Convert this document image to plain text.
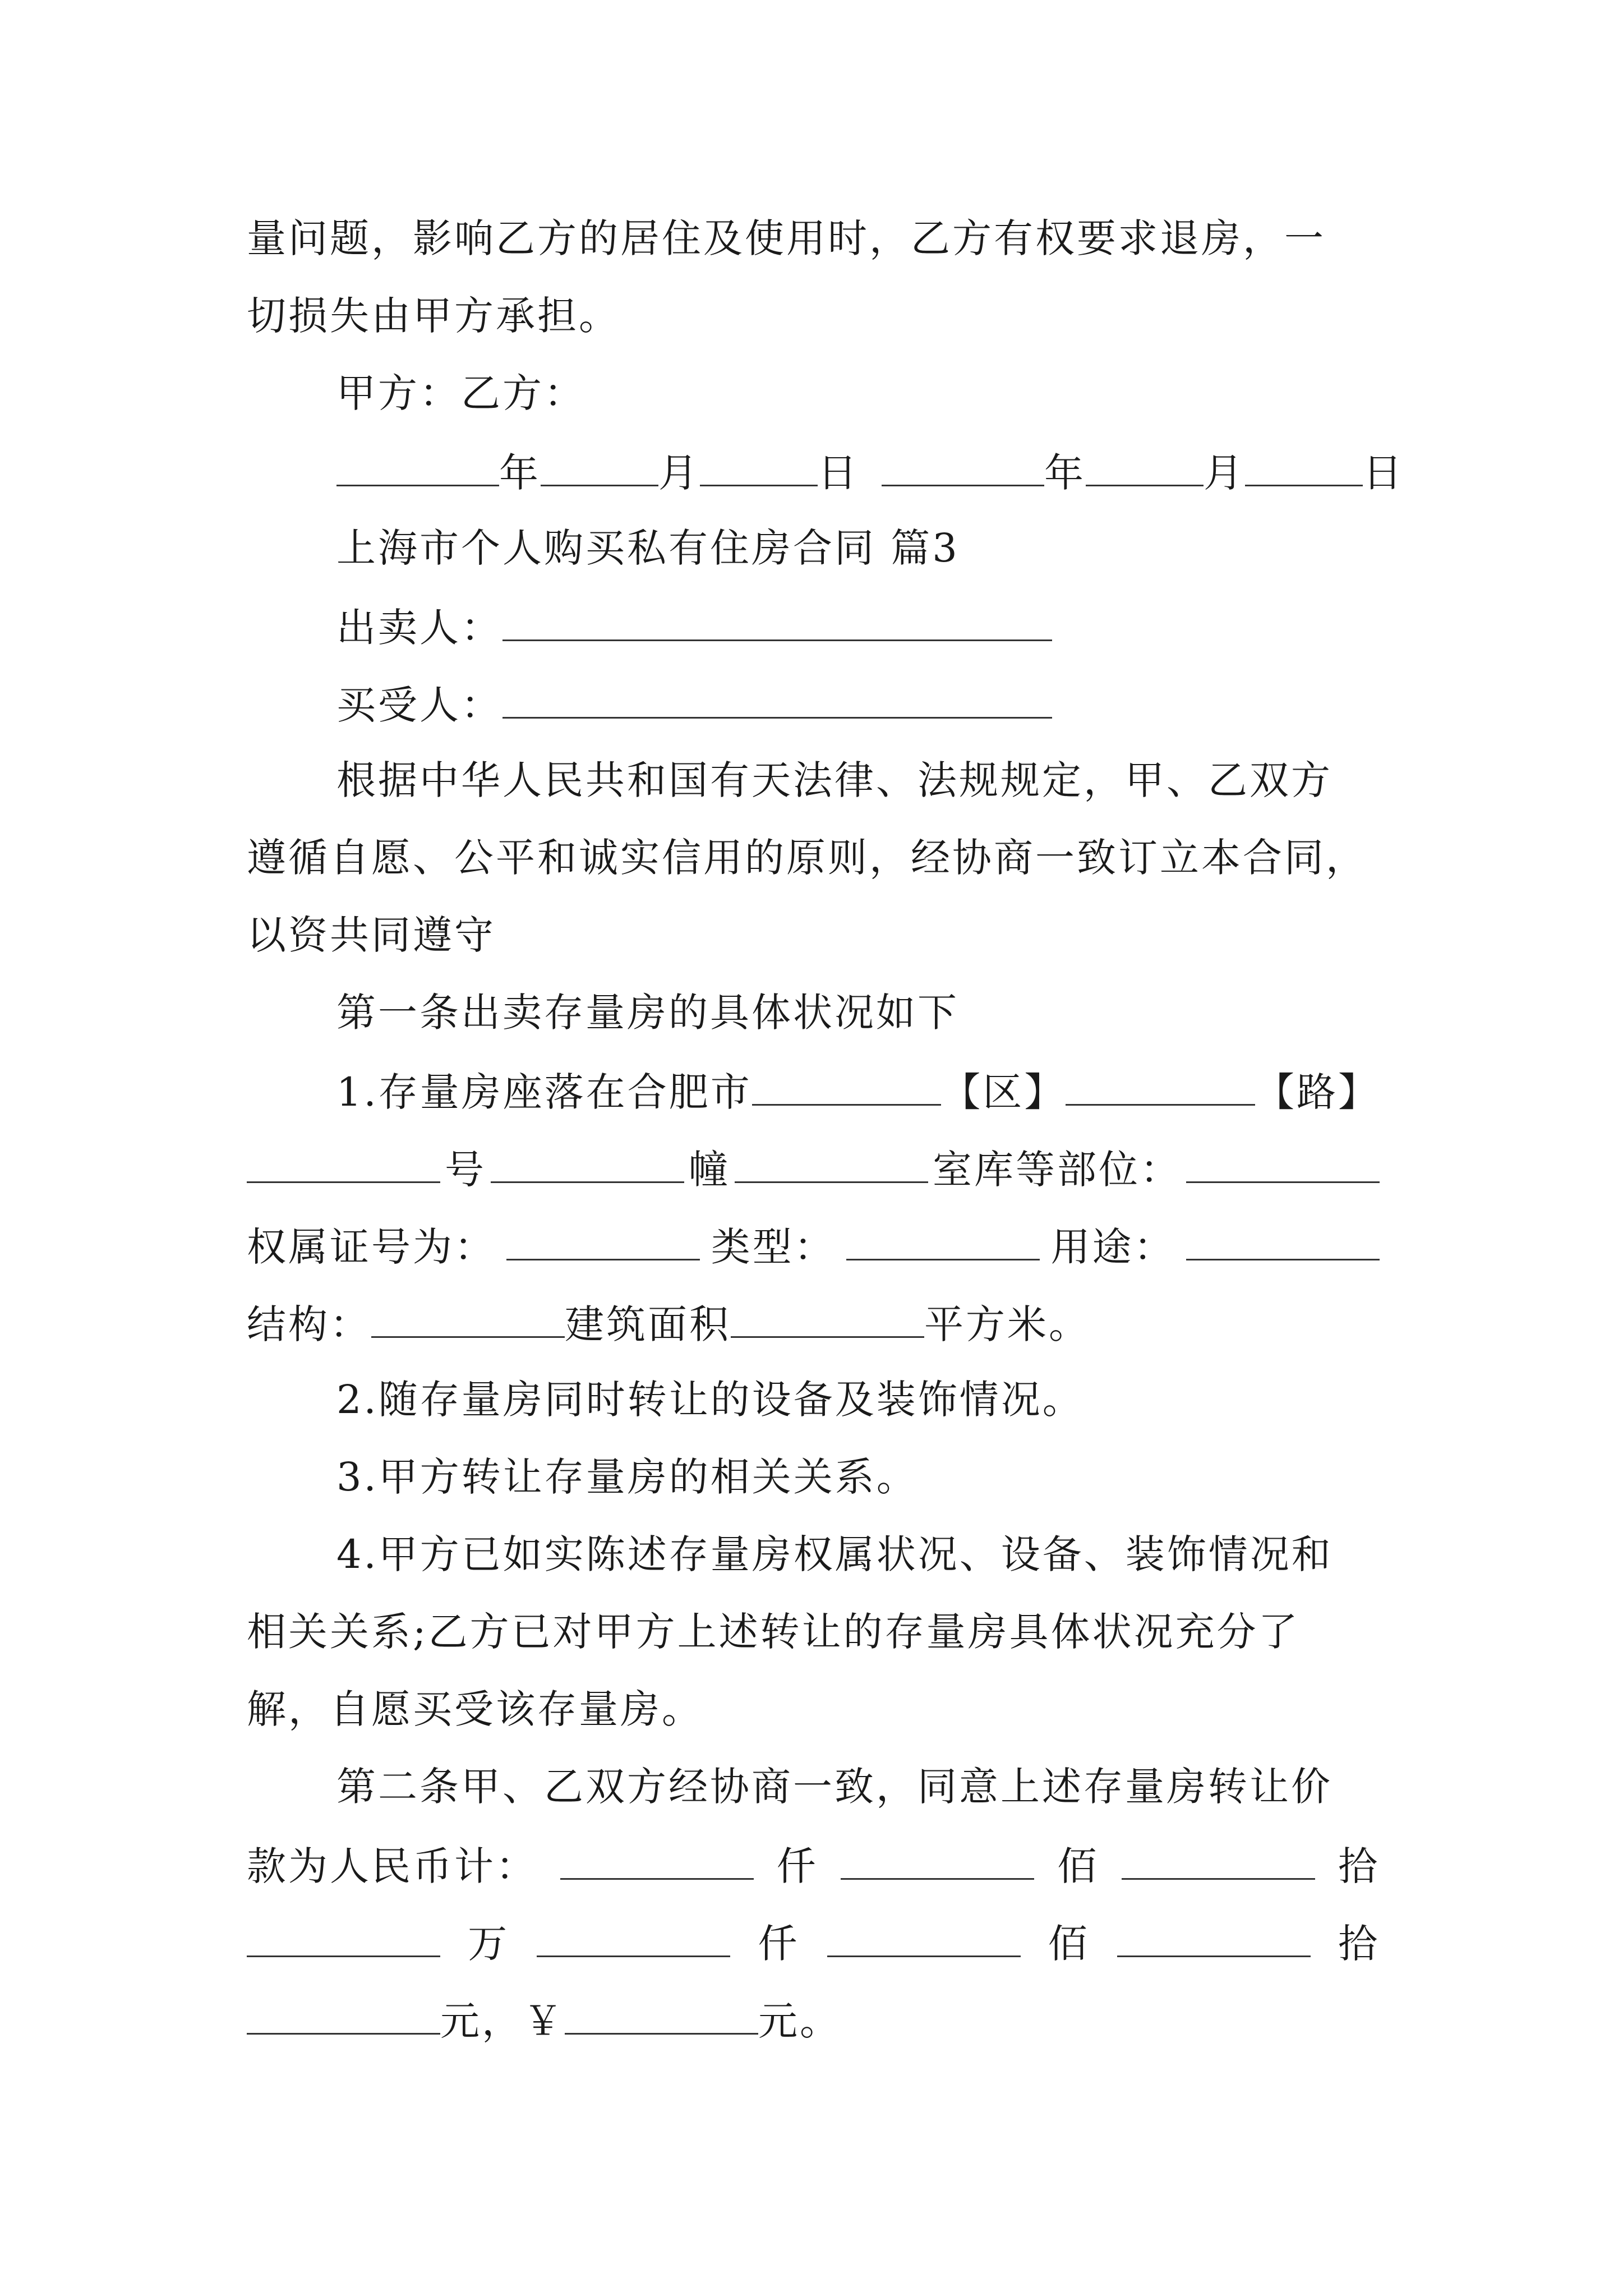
量问题，影响乙方的居住及使用时，乙方有权要求退房，一
切损失由甲方承担。
甲方：乙方：
年	月	日	年	月	日
上海市个人购买私有住房合同 篇3
出卖人：
买受人：
根据中华人民共和国有天法律、法规规定，甲、乙双方
遵循自愿、公平和诚实信用的原则，经协商一致订立本合同，
以资共同遵守
第一条出卖存量房的具体状况如下
1.存量房座落在合肥市	【区】	【路】
号	幢	室库等部位：
权属证号为：	类型：	用途：
结构：	建筑面积	平方米。
2.随存量房同时转让的设备及装饰情况。
3.甲方转让存量房的相关关系。
4.甲方已如实陈述存量房权属状况、设备、装饰情况和
相关关系;乙方已对甲方上述转让的存量房具体状况充分了
解，自愿买受该存量房。
第二条甲、乙双方经协商一致，同意上述存量房转让价
款为人民币计：	仟	佰	拾
万	仟	佰	拾
元，￥	元。
